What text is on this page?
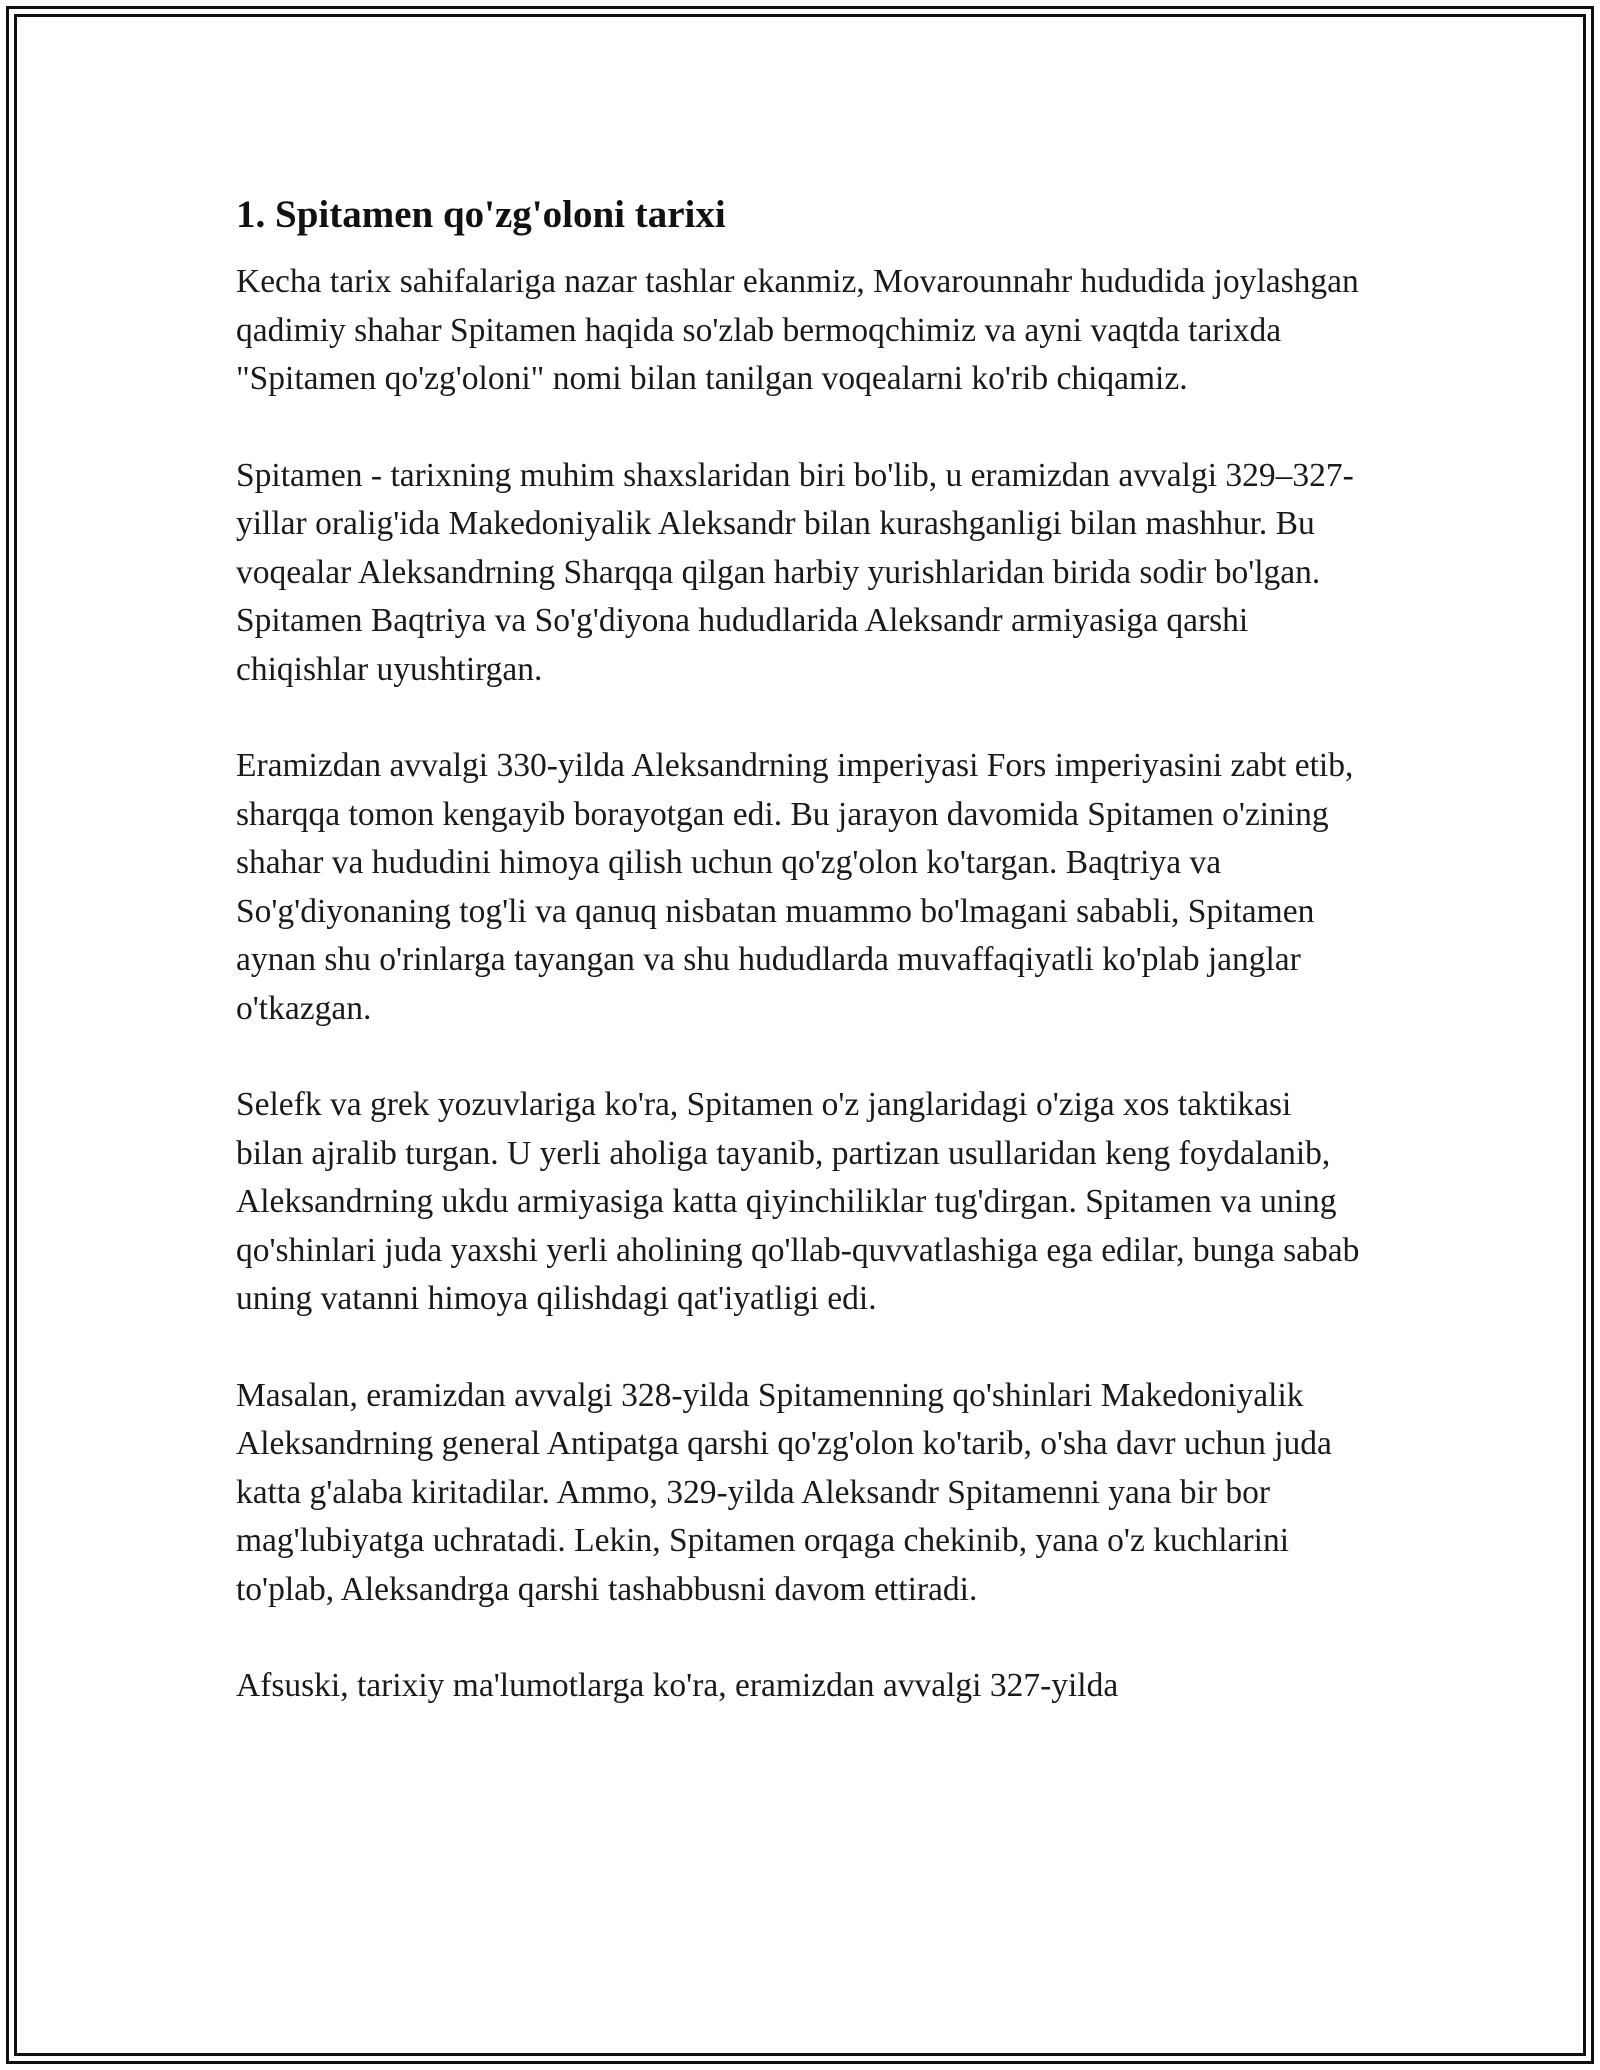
1. Spitamen qo'zg'oloni tarixi

Kecha tarix sahifalariga nazar tashlar ekanmiz, Movarounnahr hududida joylashgan qadimiy shahar Spitamen haqida so'zlab bermoqchimiz va ayni vaqtda tarixda "Spitamen qo'zg'oloni" nomi bilan tanilgan voqealarni ko'rib chiqamiz.

Spitamen - tarixning muhim shaxslaridan biri bo'lib, u eramizdan avvalgi 329–327-yillar oralig'ida Makedoniyalik Aleksandr bilan kurashganligi bilan mashhur. Bu voqealar Aleksandrning Sharqqa qilgan harbiy yurishlaridan birida sodir bo'lgan. Spitamen Baqtriya va So'g'diyona hududlarida Aleksandr armiyasiga qarshi chiqishlar uyushtirgan.

Eramizdan avvalgi 330-yilda Aleksandrning imperiyasi Fors imperiyasini zabt etib, sharqqa tomon kengayib borayotgan edi. Bu jarayon davomida Spitamen o'zining shahar va hududini himoya qilish uchun qo'zg'olon ko'targan. Baqtriya va So'g'diyonaning tog'li va qanuq nisbatan muammo bo'lmagani sababli, Spitamen aynan shu o'rinlarga tayangan va shu hududlarda muvaffaqiyatli ko'plab janglar o'tkazgan.

Selefk va grek yozuvlariga ko'ra, Spitamen o'z janglaridagi o'ziga xos taktikasi bilan ajralib turgan. U yerli aholiga tayanib, partizan usullaridan keng foydalanib, Aleksandrning ukdu armiyasiga katta qiyinchiliklar tug'dirgan. Spitamen va uning qo'shinlari juda yaxshi yerli aholining qo'llab-quvvatlashiga ega edilar, bunga sabab uning vatanni himoya qilishdagi qat'iyatligi edi.

Masalan, eramizdan avvalgi 328-yilda Spitamenning qo'shinlari Makedoniyalik Aleksandrning general Antipatga qarshi qo'zg'olon ko'tarib, o'sha davr uchun juda katta g'alaba kiritadilar. Ammo, 329-yilda Aleksandr Spitamenni yana bir bor mag'lubiyatga uchratadi. Lekin, Spitamen orqaga chekinib, yana o'z kuchlarini to'plab, Aleksandrga qarshi tashabbusni davom ettiradi.

Afsuski, tarixiy ma'lumotlarga ko'ra, eramizdan avvalgi 327-yilda
